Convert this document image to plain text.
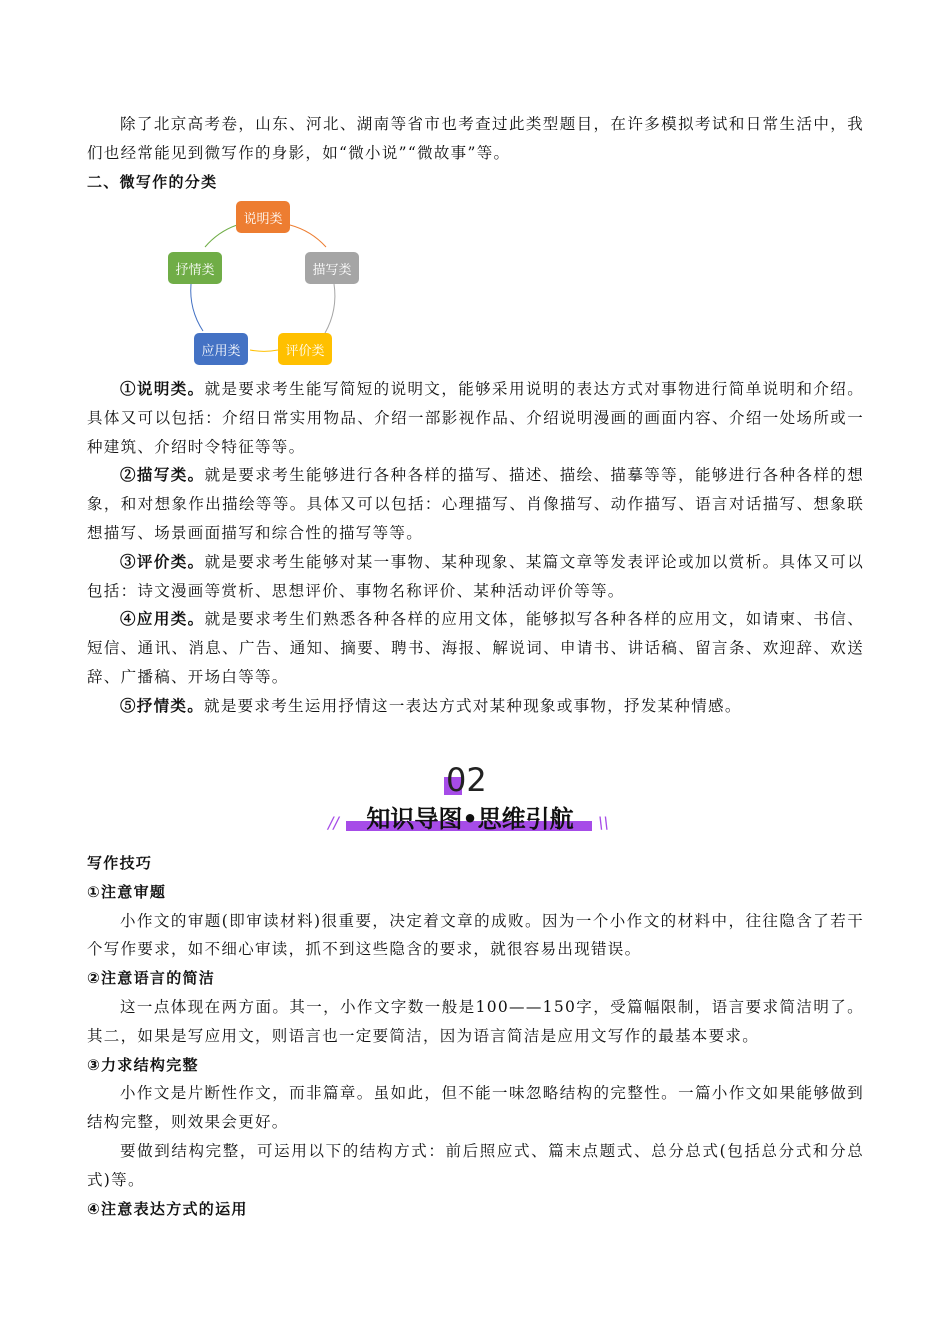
除了北京高考卷，山东、河北、湖南等省市也考查过此类型题目，在许多模拟考试和日常生活中，我们也经常能见到微写作的身影，如“微小说”“微故事”等。

二、微写作的分类

说明类
描写类
评价类
应用类
抒情类

①说明类。就是要求考生能写简短的说明文，能够采用说明的表达方式对事物进行简单说明和介绍。具体又可以包括：介绍日常实用物品、介绍一部影视作品、介绍说明漫画的画面内容、介绍一处场所或一种建筑、介绍时令特征等等。

②描写类。就是要求考生能够进行各种各样的描写、描述、描绘、描摹等等，能够进行各种各样的想象，和对想象作出描绘等等。具体又可以包括：心理描写、肖像描写、动作描写、语言对话描写、想象联想描写、场景画面描写和综合性的描写等等。

③评价类。就是要求考生能够对某一事物、某种现象、某篇文章等发表评论或加以赏析。具体又可以包括：诗文漫画等赏析、思想评价、事物名称评价、某种活动评价等等。

④应用类。就是要求考生们熟悉各种各样的应用文体，能够拟写各种各样的应用文，如请柬、书信、短信、通讯、消息、广告、通知、摘要、聘书、海报、解说词、申请书、讲话稿、留言条、欢迎辞、欢送辞、广播稿、开场白等等。

⑤抒情类。就是要求考生运用抒情这一表达方式对某种现象或事物，抒发某种情感。

02
知识导图•思维引航
//	\\

写作技巧

①注意审题

小作文的审题(即审读材料)很重要，决定着文章的成败。因为一个小作文的材料中，往往隐含了若干个写作要求，如不细心审读，抓不到这些隐含的要求，就很容易出现错误。

②注意语言的简洁

这一点体现在两方面。其一，小作文字数一般是100——150字，受篇幅限制，语言要求简洁明了。其二，如果是写应用文，则语言也一定要简洁，因为语言简洁是应用文写作的最基本要求。

③力求结构完整

小作文是片断性作文，而非篇章。虽如此，但不能一味忽略结构的完整性。一篇小作文如果能够做到结构完整，则效果会更好。

要做到结构完整，可运用以下的结构方式：前后照应式、篇末点题式、总分总式(包括总分式和分总式)等。

④注意表达方式的运用
